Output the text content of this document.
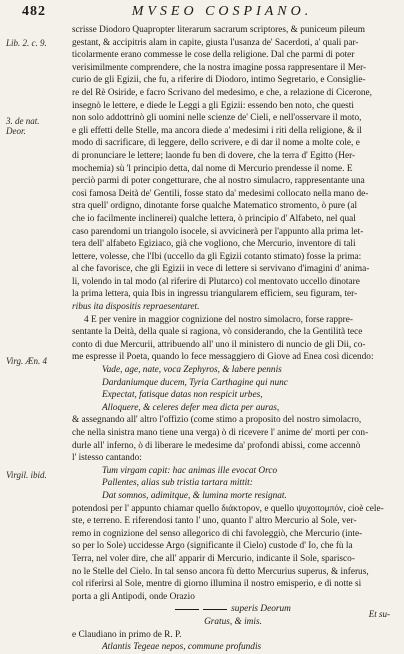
482	MVSEO COSPIANO.
Lib. 2. c. 9.
3. de nat. Deor.
Virg. Æn. 4
Virgil. ibid.
scrisse Diodoro Quapropter literarum sacrarum scriptores, & puniceum pileum
gestant, & accipitris alam in capite, giusta l'usanza de' Sacerdoti, a' quali par-
ticolarmente erano commesse le cose della religione. Dal che parmi di poter
verisimilmente comprendere, che la nostra imagine possa rappresentare il Mer-
curio de gli Egizii, che fu, a riferire di Diodoro, intimo Segretario, e Consiglie-
re del Rè Osiride, e facro Scrivano del medesimo, e che, a relazione di Cicerone,
insegnò le lettere, e diede le Leggi a gli Egizii: essendo ben noto, che questi
non solo addottrinò gli uomini nelle scienze de' Cieli, e nell'osservare il moto,
e gli effetti delle Stelle, ma ancora diede a' medesimi i riti della religione, & il
modo di sacrificare, di leggere, dello scrivere, e di dar il nome a molte cole, e
di pronunciare le lettere; laonde fu ben di dovere, che la terra d' Egitto (Her-
mochemia) sù 'l principio detta, dal nome di Mercurio prendesse il nome. E
perciò parmi di poter congetturare, che al nostro simulacro, rappresentante una
così famosa Deità de' Gentili, fosse stato da' medesimi collocato nella mano de-
stra quell' ordigno, dinotante forse qualche Matematico stromento, ò pure (al
che io facilmente inclinerei) qualche lettera, ò principio d' Alfabeto, nel qual
caso parendomi un triangolo isocele, si avvicinerà per l'appunto alla prima let-
tera dell' alfabeto Egiziaco, già che vogliono, che Mercurio, inventore di tali
lettere, volesse, che l'Ibi (uccello da gli Egizii cotanto stimato) fosse la prima:
al che favorisce, che gli Egizii in vece di lettere si servivano d'imagini d' anima-
li, volendo in tal modo (al riferire di Plutarco) col mentovato uccello dinotare
la prima lettera, quia Ibis in ingressu triangularem efficiem, seu figuram, ter-
ribus ita dispositis repraesentaret.
4 E per venire in maggior cognizione del nostro simolacro, forse rappre-
sentante la Deità, della quale si ragiona, vò considerando, che la Gentilità tece
conto di due Mercurii, attribuendo all' uno il ministero di nuncio de gli Dii, co-
me espresse il Poeta, quando lo fece messaggiero di Giove ad Enea così dicendo:
Vade, age, nate, voca Zephyros, & labere pennis
Dardaniumque ducem, Tyria Carthagine qui nunc
Expectat, fatisque datas non respicit urbes,
Alloquere, & celeres defer mea dicta per auras,
& assegnando all' altro l'offizio (come stimo a proposito del nostro simolacro,
che nella sinistra mano tiene una verga) ò di ricevere l' anime de' morti per con-
durle all' inferno, ò di liberare le medesime da' profondi abissi, come accennò
l' istesso cantando:
Tum virgam capit: hac animas ille evocat Orco
Pallentes, alias sub tristia tartara mittit:
Dat somnos, adimitque, & lumina morte resignat.
potendosi per l' appunto chiamar quello διάκτορον, e quello ψυχοπομπόν, cioè cele-
ste, e terreno. E riferendosi tanto l' uno, quanto l' altro Mercurio al Sole, ver-
remo in cognizione del senso allegorico di chi favoleggiò, che Mercurio (inte-
so per lo Sole) uccidesse Argo (significante il Cielo) custode d' Io, che fù la
Terra, nel voler dire, che all' apparir di Mercurio, indicante il Sole, sparisco-
no le Stelle del Cielo. In tal senso ancora fù detto Mercurius superus, & inferus,
col riferirsi al Sole, mentre di giorno illumina il nostro emisperio, e di notte si
porta a gli Antipodi, onde Orazio
superis Deorum
Gratus, & imis.
e Claudiano in primo de R. P.
Atlantis Tegeae nepos, commune profundis
Et su-
